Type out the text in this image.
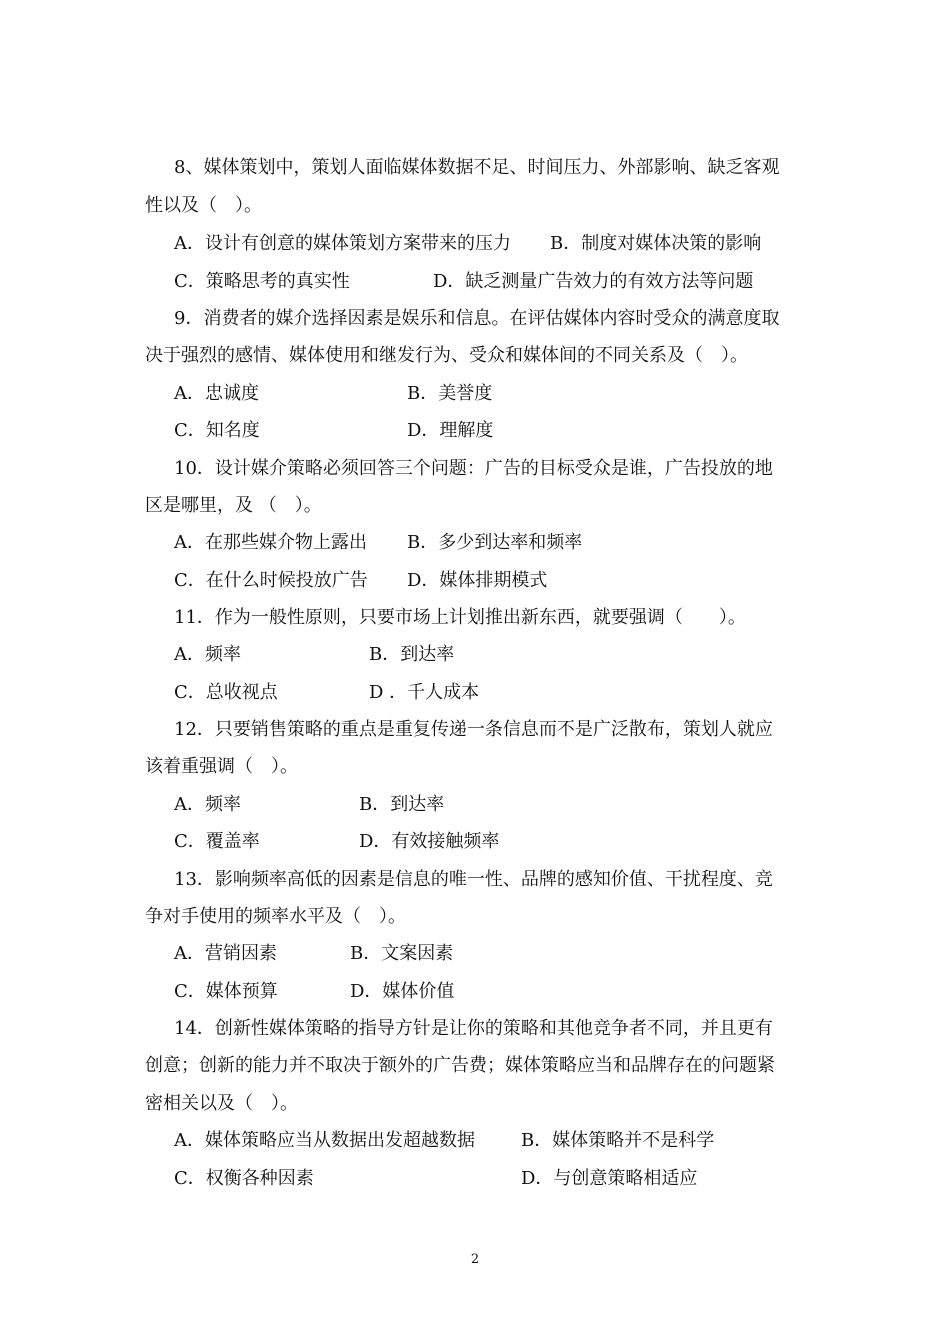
8、媒体策划中，策划人面临媒体数据不足、时间压力、外部影响、缺乏客观
性以及（　）。
A．设计有创意的媒体策划方案带来的压力 B．制度对媒体决策的影响
C．策略思考的真实性	D．缺乏测量广告效力的有效方法等问题
9．消费者的媒介选择因素是娱乐和信息。在评估媒体内容时受众的满意度取
决于强烈的感情、媒体使用和继发行为、受众和媒体间的不同关系及（　）。
A．忠诚度	B．美誉度
C．知名度	D．理解度
10．设计媒介策略必须回答三个问题：广告的目标受众是谁，广告投放的地
区是哪里，及 （　）。
A．在那些媒介物上露出 B．多少到达率和频率
C．在什么时候投放广告 D．媒体排期模式
11．作为一般性原则，只要市场上计划推出新东西，就要强调（　　）。
A．频率	B．到达率
C．总收视点	D ．千人成本
12．只要销售策略的重点是重复传递一条信息而不是广泛散布，策划人就应
该着重强调（　）。
A．频率	B．到达率
C．覆盖率	D．有效接触频率
13．影响频率高低的因素是信息的唯一性、品牌的感知价值、干扰程度、竞
争对手使用的频率水平及（　）。
A．营销因素	B．文案因素
C．媒体预算	D．媒体价值
14．创新性媒体策略的指导方针是让你的策略和其他竞争者不同，并且更有
创意；创新的能力并不取决于额外的广告费；媒体策略应当和品牌存在的问题紧
密相关以及（　）。
A．媒体策略应当从数据出发超越数据	B．媒体策略并不是科学
C．权衡各种因素	D．与创意策略相适应
2
